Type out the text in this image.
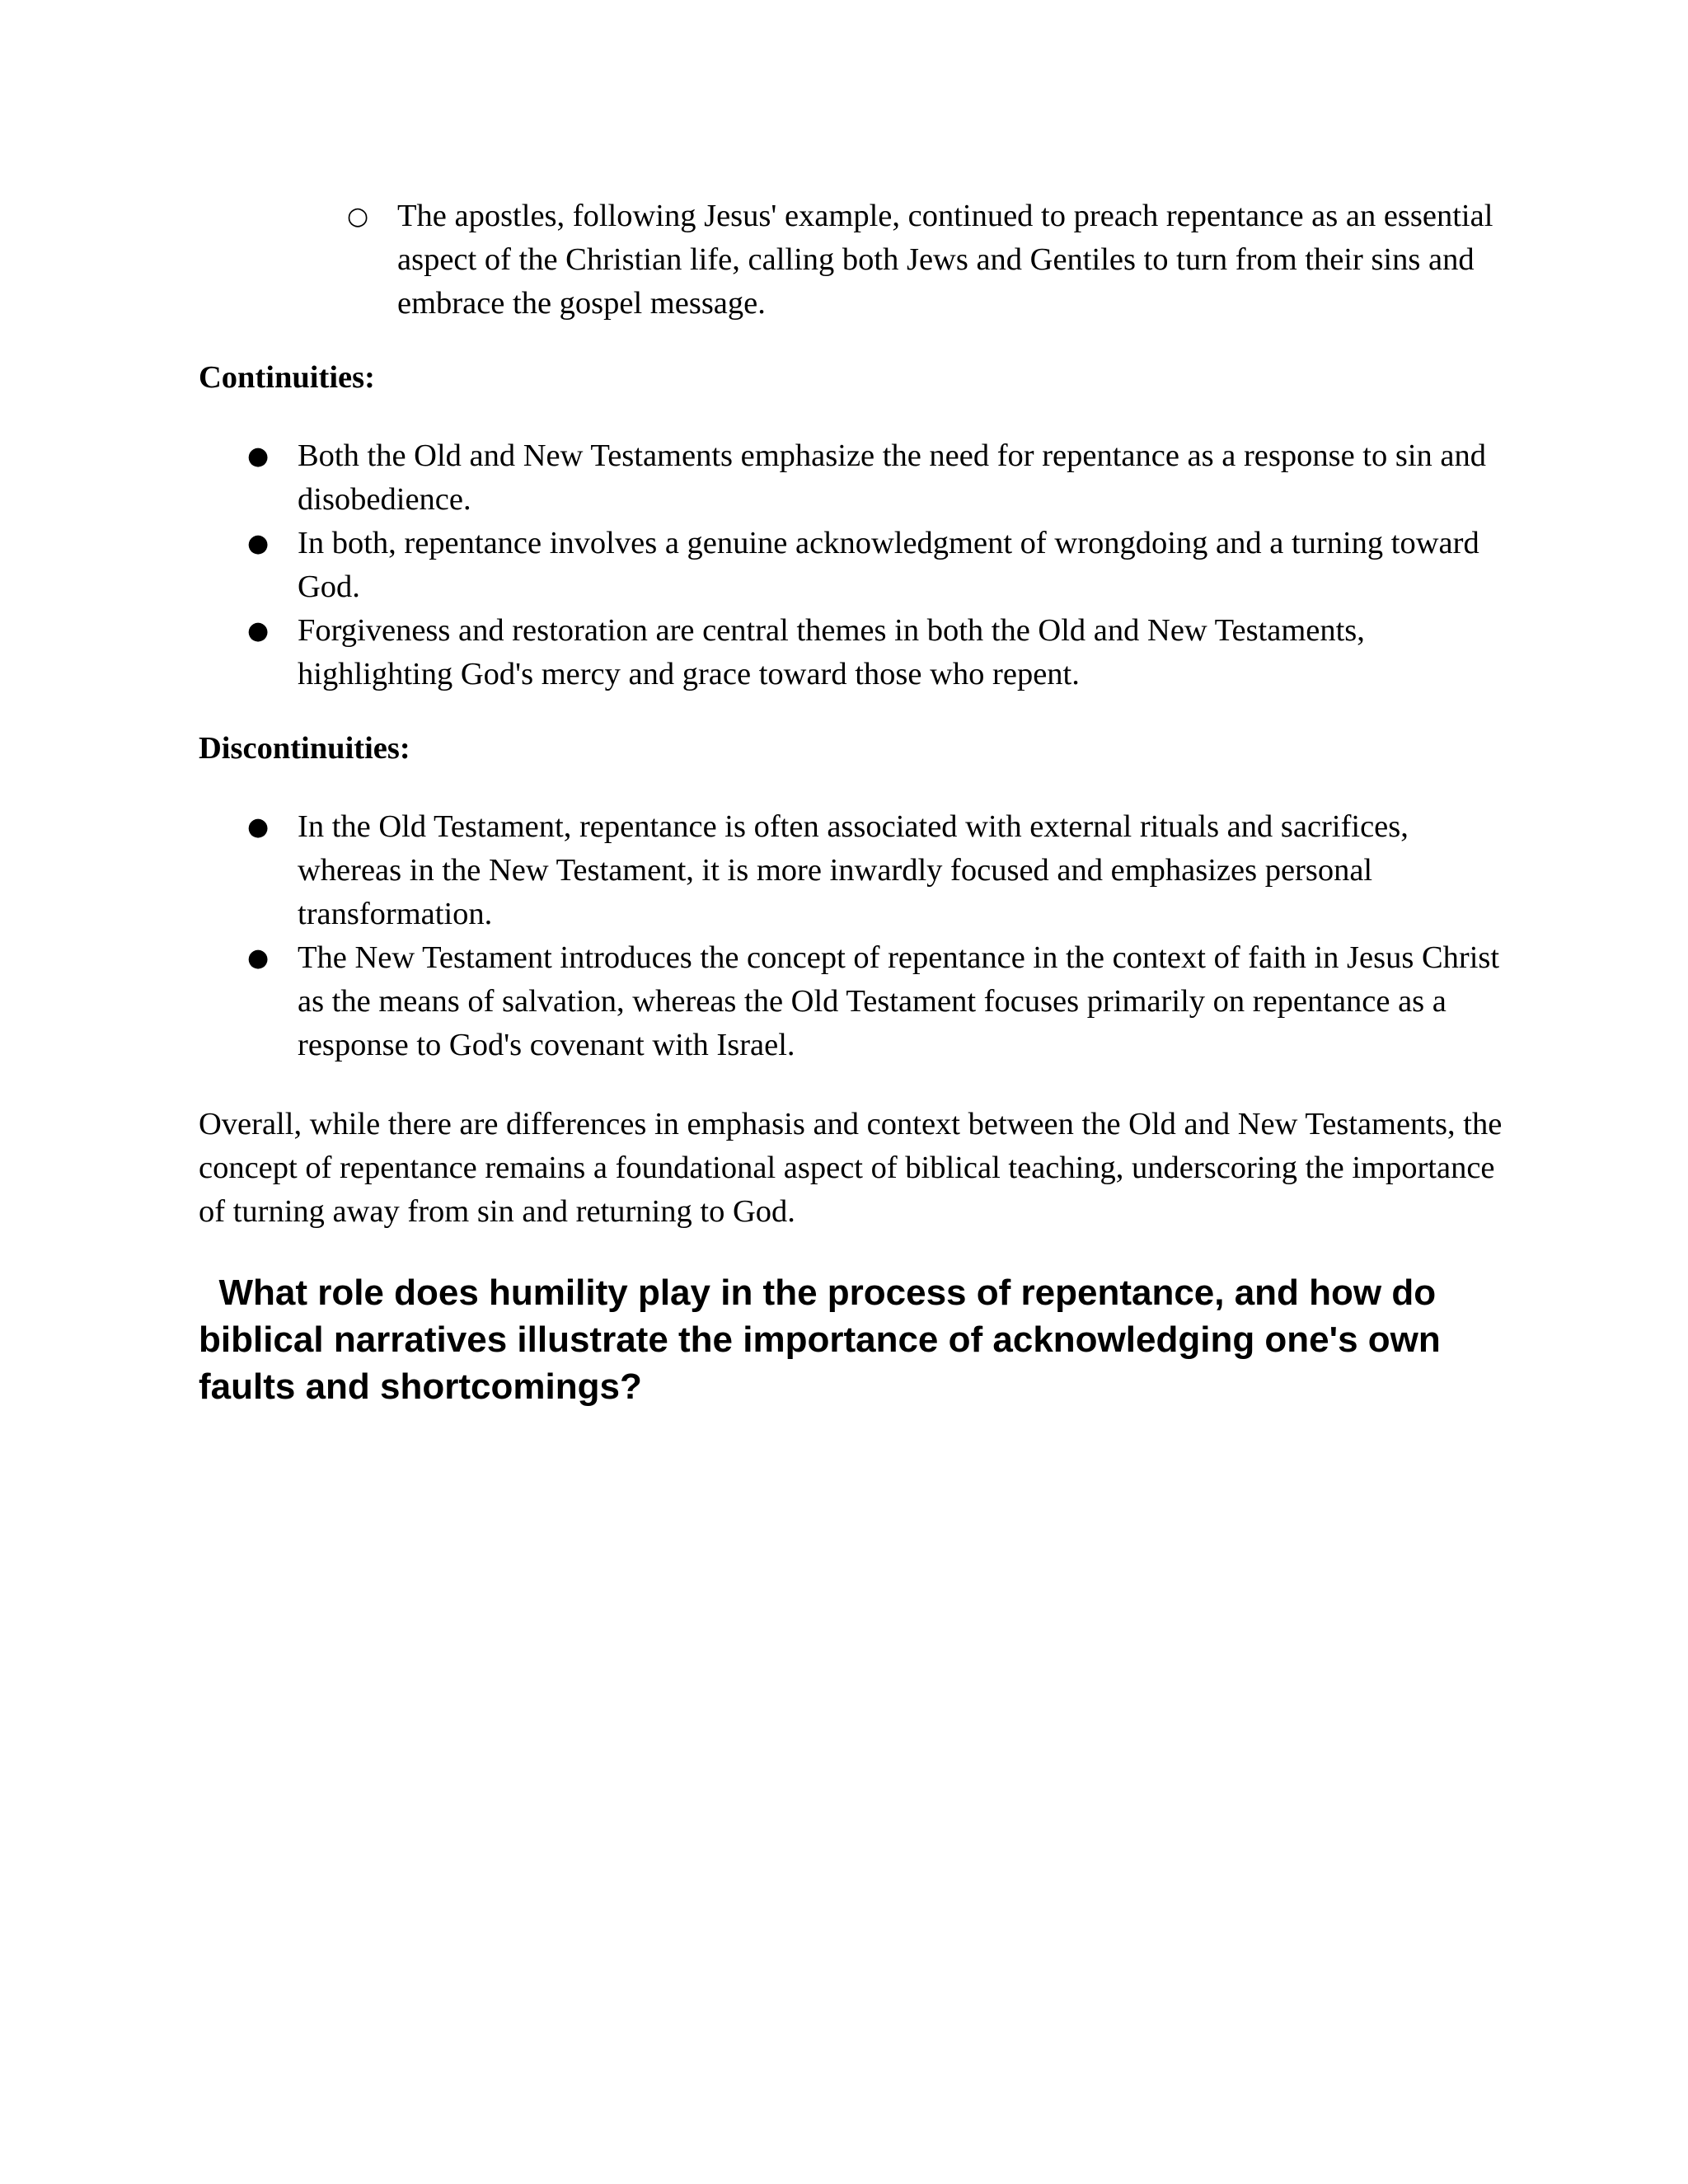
○ The apostles, following Jesus' example, continued to preach repentance as an essential aspect of the Christian life, calling both Jews and Gentiles to turn from their sins and embrace the gospel message.
Continuities:
● Both the Old and New Testaments emphasize the need for repentance as a response to sin and disobedience.
● In both, repentance involves a genuine acknowledgment of wrongdoing and a turning toward God.
● Forgiveness and restoration are central themes in both the Old and New Testaments, highlighting God's mercy and grace toward those who repent.
Discontinuities:
● In the Old Testament, repentance is often associated with external rituals and sacrifices, whereas in the New Testament, it is more inwardly focused and emphasizes personal transformation.
● The New Testament introduces the concept of repentance in the context of faith in Jesus Christ as the means of salvation, whereas the Old Testament focuses primarily on repentance as a response to God's covenant with Israel.
Overall, while there are differences in emphasis and context between the Old and New Testaments, the concept of repentance remains a foundational aspect of biblical teaching, underscoring the importance of turning away from sin and returning to God.
What role does humility play in the process of repentance, and how do biblical narratives illustrate the importance of acknowledging one's own faults and shortcomings?
